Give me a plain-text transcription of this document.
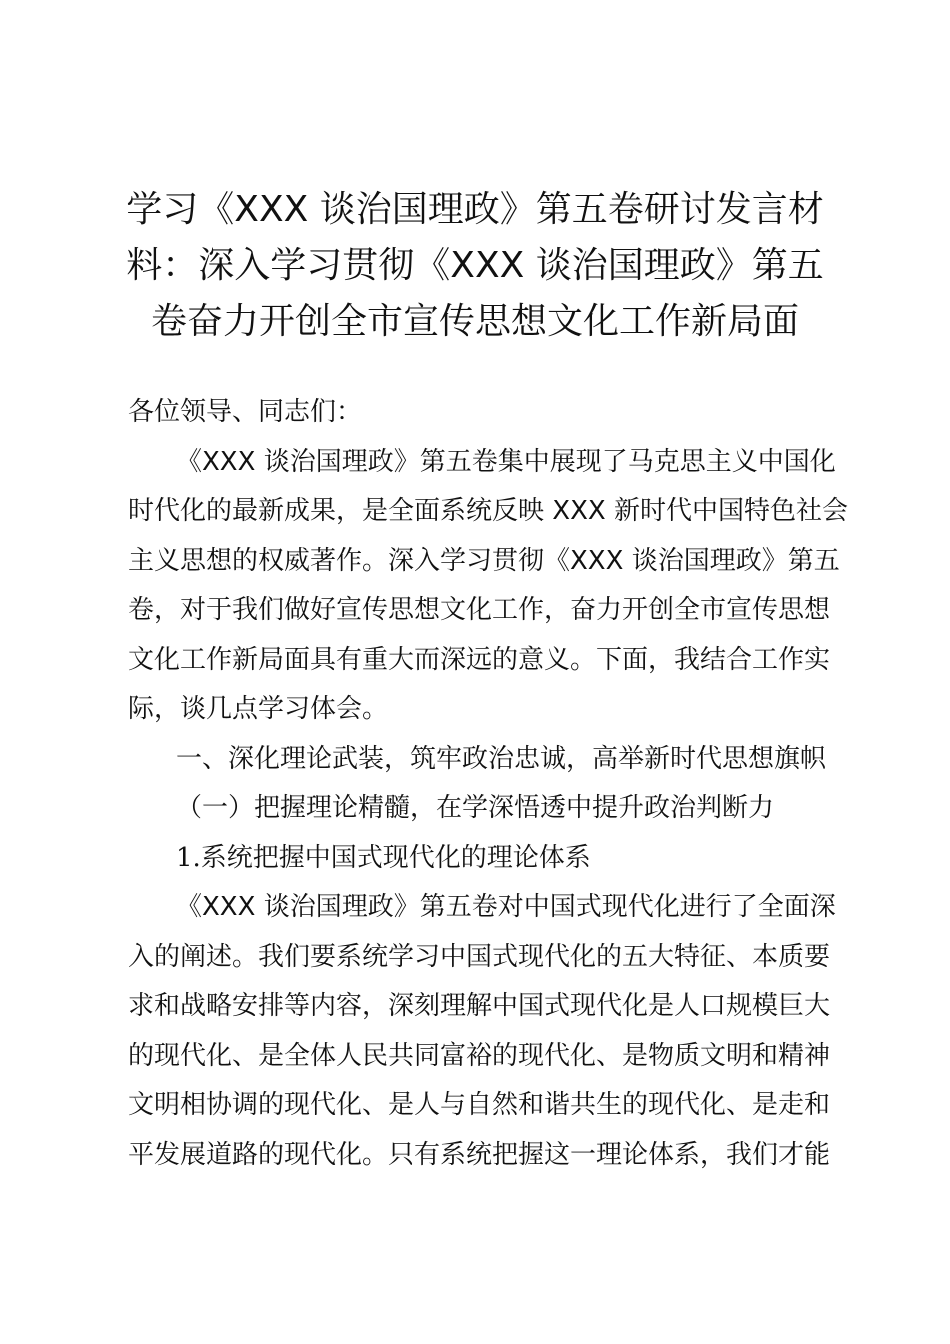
学习《XXX 谈治国理政》第五卷研讨发言材
料：深入学习贯彻《XXX 谈治国理政》第五
卷奋力开创全市宣传思想文化工作新局面
各位领导、同志们：
《XXX 谈治国理政》第五卷集中展现了马克思主义中国化
时代化的最新成果，是全面系统反映 XXX 新时代中国特色社会
主义思想的权威著作。深入学习贯彻《XXX 谈治国理政》第五
卷，对于我们做好宣传思想文化工作，奋力开创全市宣传思想
文化工作新局面具有重大而深远的意义。下面，我结合工作实
际，谈几点学习体会。
一、深化理论武装，筑牢政治忠诚，高举新时代思想旗帜
（一）把握理论精髓，在学深悟透中提升政治判断力
1.系统把握中国式现代化的理论体系
《XXX 谈治国理政》第五卷对中国式现代化进行了全面深
入的阐述。我们要系统学习中国式现代化的五大特征、本质要
求和战略安排等内容，深刻理解中国式现代化是人口规模巨大
的现代化、是全体人民共同富裕的现代化、是物质文明和精神
文明相协调的现代化、是人与自然和谐共生的现代化、是走和
平发展道路的现代化。只有系统把握这一理论体系，我们才能
